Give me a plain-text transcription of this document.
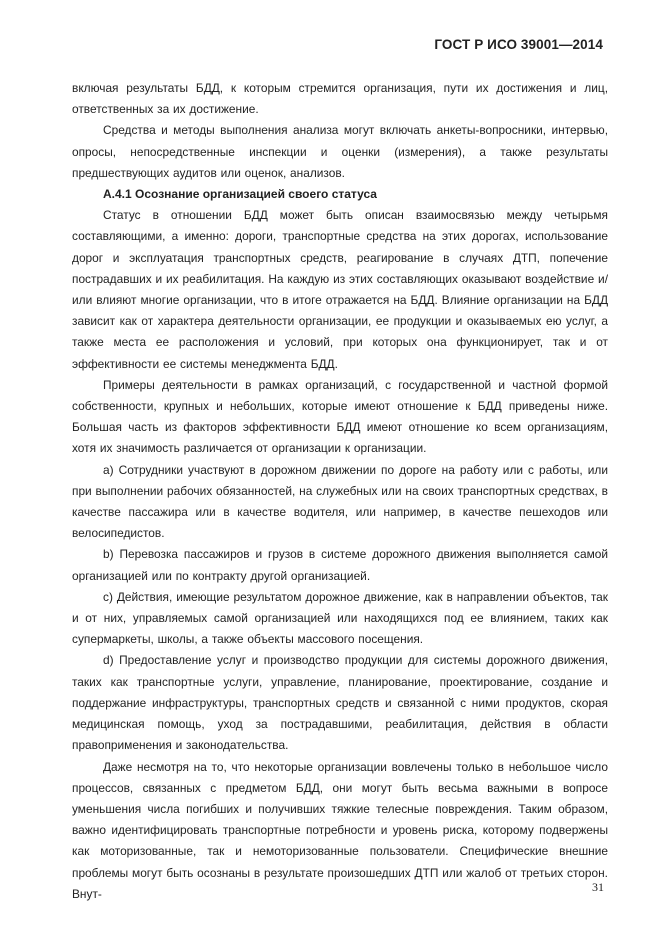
ГОСТ Р ИСО 39001—2014

включая результаты БДД, к которым стремится организация, пути их достижения и лиц, ответственных за их достижение.

Средства и методы выполнения анализа могут включать анкеты-вопросники, интервью, опросы, непосредственные инспекции и оценки (измерения), а также результаты предшествующих аудитов или оценок, анализов.

А.4.1 Осознание организацией своего статуса

Статус в отношении БДД может быть описан взаимосвязью между четырьмя составляющими, а именно: дороги, транспортные средства на этих дорогах, использование дорог и эксплуатация транспортных средств, реагирование в случаях ДТП, попечение пострадавших и их реабилитация. На каждую из этих составляющих оказывают воздействие и/или влияют многие организации, что в итоге отражается на БДД. Влияние организации на БДД зависит как от характера деятельности организации, ее продукции и оказываемых ею услуг, а также места ее расположения и условий, при которых она функционирует, так и от эффективности ее системы менеджмента БДД.

Примеры деятельности в рамках организаций, с государственной и частной формой собственности, крупных и небольших, которые имеют отношение к БДД приведены ниже. Большая часть из факторов эффективности БДД имеют отношение ко всем организациям, хотя их значимость различается от организации к организации.

a) Сотрудники участвуют в дорожном движении по дороге на работу или с работы, или при выполнении рабочих обязанностей, на служебных или на своих транспортных средствах, в качестве пассажира или в качестве водителя, или например, в качестве пешеходов или велосипедистов.

b) Перевозка пассажиров и грузов в системе дорожного движения выполняется самой организацией или по контракту другой организацией.

c) Действия, имеющие результатом дорожное движение, как в направлении объектов, так и от них, управляемых самой организацией или находящихся под ее влиянием, таких как супермаркеты, школы, а также объекты массового посещения.

d) Предоставление услуг и производство продукции для системы дорожного движения, таких как транспортные услуги, управление, планирование, проектирование, создание и поддержание инфраструктуры, транспортных средств и связанной с ними продуктов, скорая медицинская помощь, уход за пострадавшими, реабилитация, действия в области правоприменения и законодательства.

Даже несмотря на то, что некоторые организации вовлечены только в небольшое число процессов, связанных с предметом БДД, они могут быть весьма важными в вопросе уменьшения числа погибших и получивших тяжкие телесные повреждения. Таким образом, важно идентифицировать транспортные потребности и уровень риска, которому подвержены как моторизованные, так и немоторизованные пользователи. Специфические внешние проблемы могут быть осознаны в результате произошедших ДТП или жалоб от третьих сторон. Внут-	31
